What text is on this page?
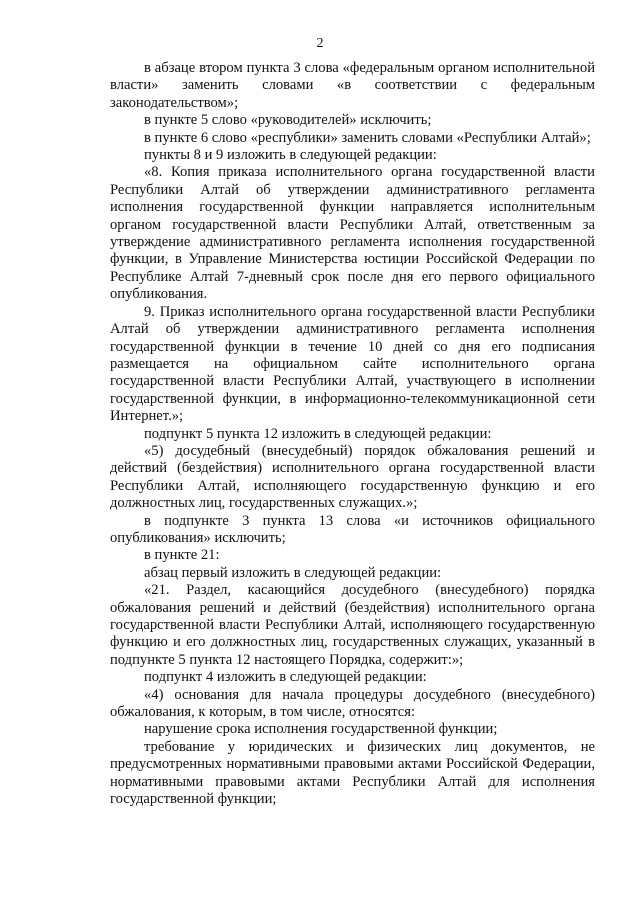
2

в абзаце втором пункта 3 слова «федеральным органом исполнительной власти» заменить словами «в соответствии с федеральным законодательством»;

в пункте 5 слово «руководителей» исключить;

в пункте 6 слово «республики» заменить словами «Республики Алтай»;

пункты 8 и 9 изложить в следующей редакции:

«8. Копия приказа исполнительного органа государственной власти Республики Алтай об утверждении административного регламента исполнения государственной функции направляется исполнительным органом государственной власти Республики Алтай, ответственным за утверждение административного регламента исполнения государственной функции, в Управление Министерства юстиции Российской Федерации по Республике Алтай 7-дневный срок после дня его первого официального опубликования.

9. Приказ исполнительного органа государственной власти Республики Алтай об утверждении административного регламента исполнения государственной функции в течение 10 дней со дня его подписания размещается на официальном сайте исполнительного органа государственной власти Республики Алтай, участвующего в исполнении государственной функции, в информационно-телекоммуникационной сети Интернет.»;

подпункт 5 пункта 12 изложить в следующей редакции:

«5) досудебный (внесудебный) порядок обжалования решений и действий (бездействия) исполнительного органа государственной власти Республики Алтай, исполняющего государственную функцию и его должностных лиц, государственных служащих.»;

в подпункте 3 пункта 13 слова «и источников официального опубликования» исключить;

в пункте 21:

абзац первый изложить в следующей редакции:

«21. Раздел, касающийся досудебного (внесудебного) порядка обжалования решений и действий (бездействия) исполнительного органа государственной власти Республики Алтай, исполняющего государственную функцию и его должностных лиц, государственных служащих, указанный в подпункте 5 пункта 12 настоящего Порядка, содержит:»;

подпункт 4 изложить в следующей редакции:

«4) основания для начала процедуры досудебного (внесудебного) обжалования, к которым, в том числе, относятся:

нарушение срока исполнения государственной функции;

требование у юридических и физических лиц документов, не предусмотренных нормативными правовыми актами Российской Федерации, нормативными правовыми актами Республики Алтай для исполнения государственной функции;
